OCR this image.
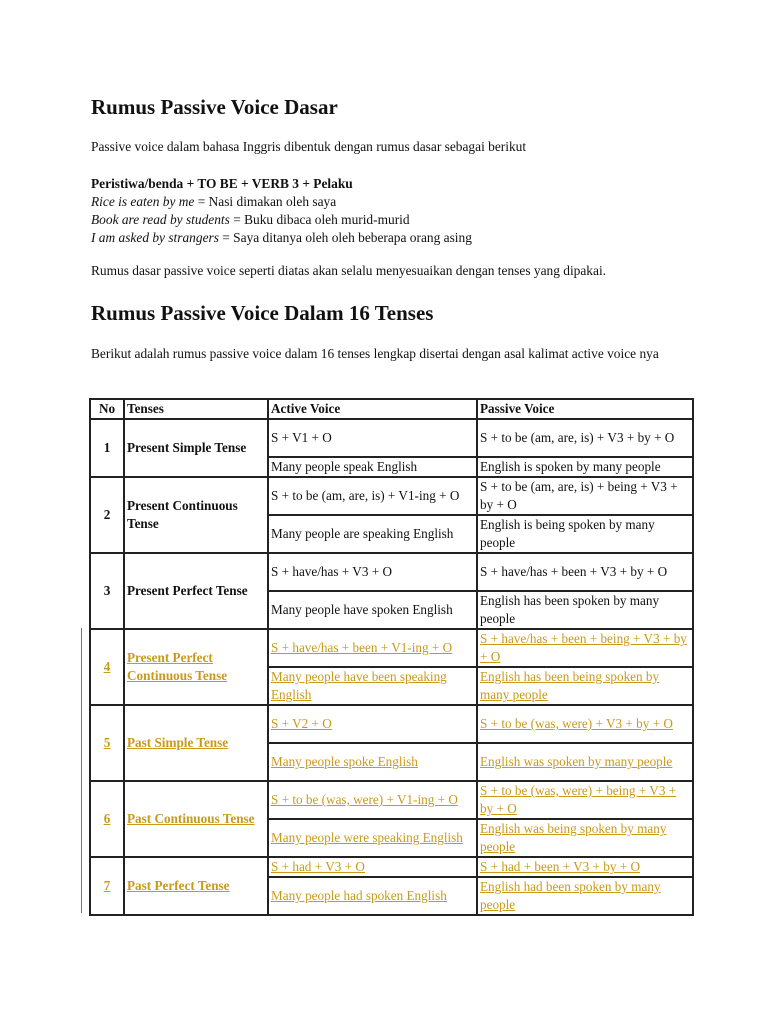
Rumus Passive Voice Dasar

Passive voice dalam bahasa Inggris dibentuk dengan rumus dasar sebagai berikut

Peristiwa/benda + TO BE + VERB 3 + Pelaku
Rice is eaten by me = Nasi dimakan oleh saya
Book are read by students = Buku dibaca oleh murid-murid
I am asked by strangers = Saya ditanya oleh oleh beberapa orang asing

Rumus dasar passive voice seperti diatas akan selalu menyesuaikan dengan tenses yang dipakai.

Rumus Passive Voice Dalam 16 Tenses

Berikut adalah rumus passive voice dalam 16 tenses lengkap disertai dengan asal kalimat active voice nya

No	Tenses	Active Voice	Passive Voice
1	Present Simple Tense	S + V1 + O	S + to be (am, are, is) + V3 + by + O
		Many people speak English	English is spoken by many people
2	Present Continuous Tense	S + to be (am, are, is) + V1-ing + O	S + to be (am, are, is) + being + V3 + by + O
		Many people are speaking English	English is being spoken by many people
3	Present Perfect Tense	S + have/has + V3 + O	S + have/has + been + V3 + by + O
		Many people have spoken English	English has been spoken by many people
4	Present Perfect Continuous Tense	S + have/has + been + V1-ing + O	S + have/has + been + being + V3 + by + O
		Many people have been speaking English	English has been being spoken by many people
5	Past Simple Tense	S + V2 + O	S + to be (was, were) + V3 + by + O
		Many people spoke English	English was spoken by many people
6	Past Continuous Tense	S + to be (was, were) + V1-ing + O	S + to be (was, were) + being + V3 + by + O
		Many people were speaking English	English was being spoken by many people
7	Past Perfect Tense	S + had + V3 + O	S + had + been + V3 + by + O
		Many people had spoken English	English had been spoken by many people
